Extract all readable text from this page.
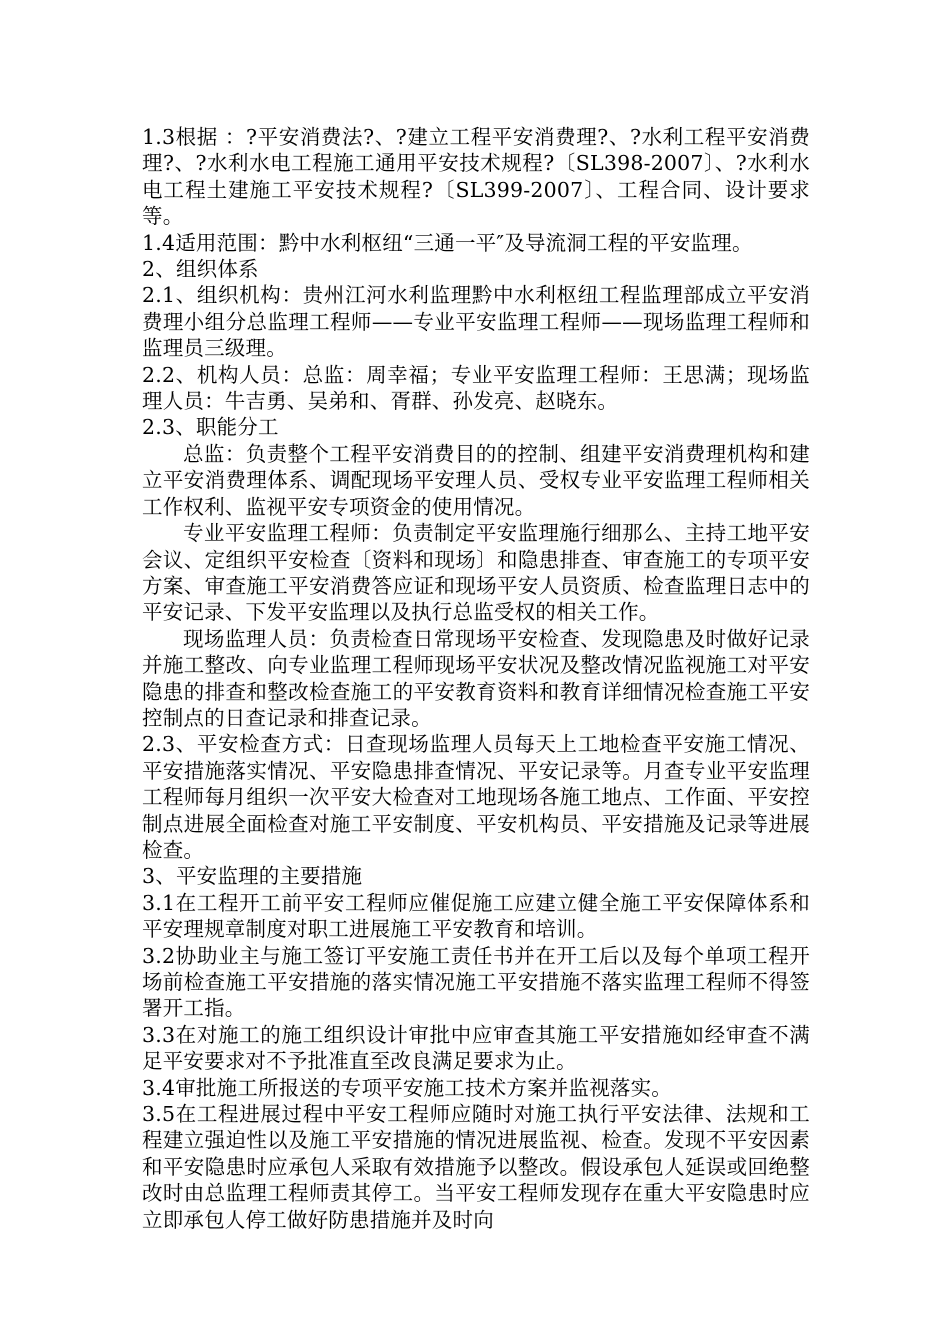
1.3根据 ：?平安消费法?、?建立工程平安消费理?、?水利工程平安消费理?、?水利水电工程施工通用平安技术规程?〔SL398-2007〕、?水利水电工程土建施工平安技术规程?〔SL399-2007〕、工程合同、设计要求等。

1.4适用范围：黔中水利枢纽“三通一平″及导流洞工程的平安监理。

2、组织体系

2.1、组织机构：贵州江河水利监理黔中水利枢纽工程监理部成立平安消费理小组分总监理工程师——专业平安监理工程师——现场监理工程师和监理员三级理。

2.2、机构人员：总监：周幸福；专业平安监理工程师：王思满；现场监理人员：牛吉勇、吴弟和、胥群、孙发亮、赵晓东。

2.3、职能分工

总监：负责整个工程平安消费目的的控制、组建平安消费理机构和建立平安消费理体系、调配现场平安理人员、受权专业平安监理工程师相关工作权利、监视平安专项资金的使用情况。

专业平安监理工程师：负责制定平安监理施行细那么、主持工地平安会议、定组织平安检查〔资料和现场〕和隐患排查、审查施工的专项平安方案、审查施工平安消费答应证和现场平安人员资质、检查监理日志中的平安记录、下发平安监理以及执行总监受权的相关工作。

现场监理人员：负责检查日常现场平安检查、发现隐患及时做好记录并施工整改、向专业监理工程师现场平安状况及整改情况监视施工对平安隐患的排查和整改检查施工的平安教育资料和教育详细情况检查施工平安控制点的日查记录和排查记录。

2.3、平安检查方式：日查现场监理人员每天上工地检查平安施工情况、平安措施落实情况、平安隐患排查情况、平安记录等。月查专业平安监理工程师每月组织一次平安大检查对工地现场各施工地点、工作面、平安控制点进展全面检查对施工平安制度、平安机构员、平安措施及记录等进展检查。

3、平安监理的主要措施

3.1在工程开工前平安工程师应催促施工应建立健全施工平安保障体系和平安理规章制度对职工进展施工平安教育和培训。

3.2协助业主与施工签订平安施工责任书并在开工后以及每个单项工程开场前检查施工平安措施的落实情况施工平安措施不落实监理工程师不得签署开工指。

3.3在对施工的施工组织设计审批中应审查其施工平安措施如经审查不满足平安要求对不予批准直至改良满足要求为止。

3.4审批施工所报送的专项平安施工技术方案并监视落实。

3.5在工程进展过程中平安工程师应随时对施工执行平安法律、法规和工程建立强迫性以及施工平安措施的情况进展监视、检查。发现不平安因素和平安隐患时应承包人采取有效措施予以整改。假设承包人延误或回绝整改时由总监理工程师责其停工。当平安工程师发现存在重大平安隐患时应立即承包人停工做好防患措施并及时向
